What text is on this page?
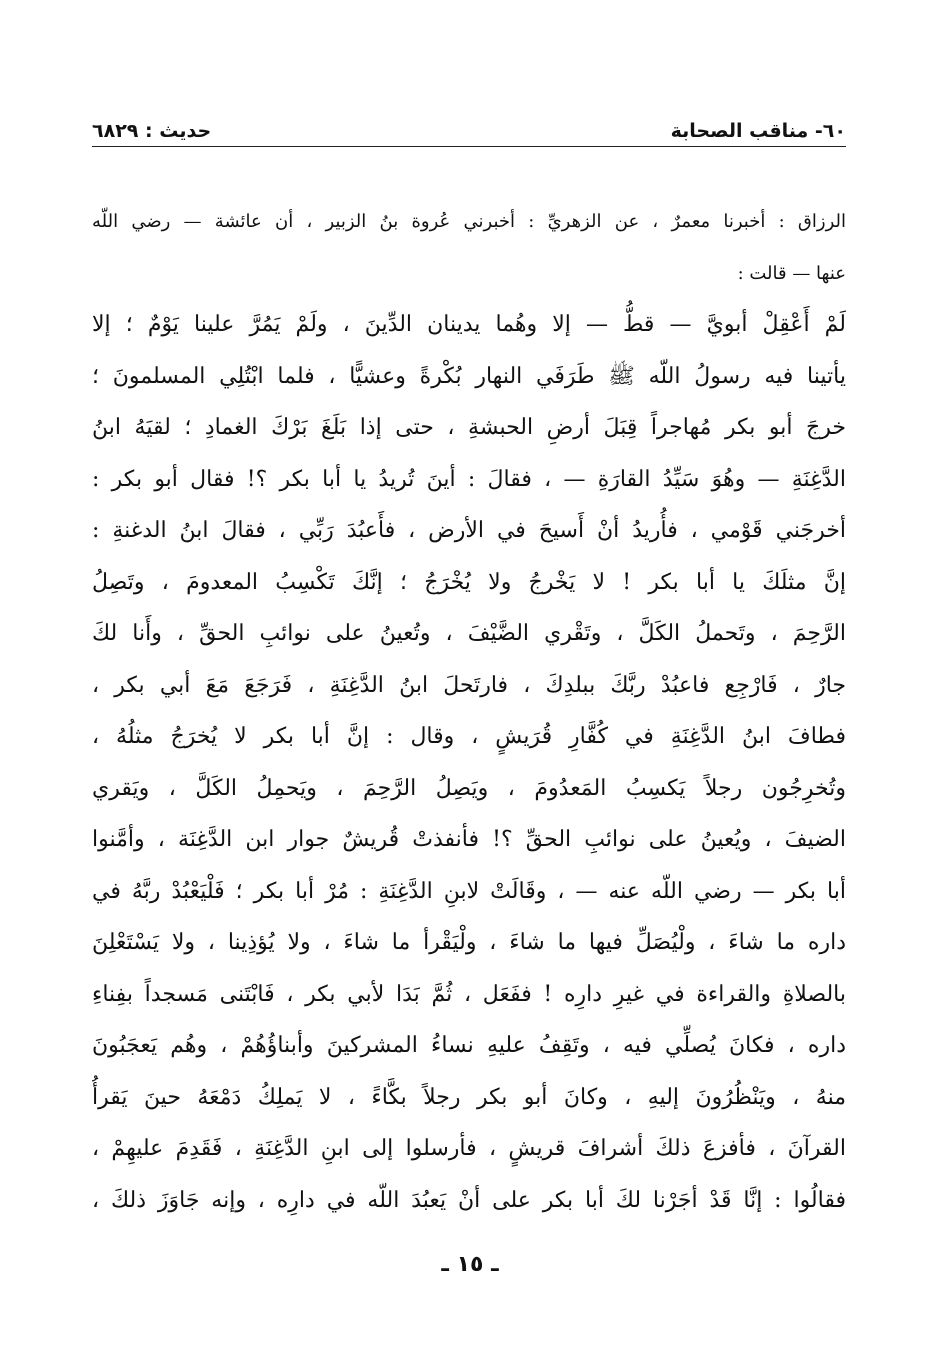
٦٠- مناقب الصحابة
حديث : ٦٨٢٩
الرزاق : أخبرنا معمرٌ ، عن الزهريِّ : أخبرني عُروة بنُ الزبير ، أن عائشة — رضي اللّه
عنها — قالت :
لَمْ أَعْقِلْ أبويَّ — قطُّ — إلا وهُما يدينان الدِّينَ ، ولَمْ يَمُرَّ علينا يَوْمٌ ؛ إلا
يأتينا فيه رسولُ اللّه ﷺ طَرَفَي النهار بُكْرةً وعشيًّا ، فلما ابْتُلِي المسلمونَ ؛
خرجَ أبو بكر مُهاجراً قِبَلَ أرضِ الحبشةِ ، حتى إذا بَلَغَ بَرْكَ الغمادِ ؛ لقيَهُ ابنُ
الدَّغِنَةِ — وهُوَ سَيِّدُ القارَةِ — ، فقالَ : أينَ تُريدُ يا أبا بكر ؟! فقال أبو بكر :
أخرجَني قَوْمي ، فأُريدُ أنْ أَسيحَ في الأرض ، فأَعبُدَ رَبِّي ، فقالَ ابنُ الدغنةِ :
إنَّ مثلَكَ يا أبا بكر ! لا يَخْرجُ ولا يُخْرَجُ ؛ إنَّكَ تَكْسِبُ المعدومَ ، وتَصِلُ
الرَّحِمَ ، وتَحملُ الكَلَّ ، وتَقْري الضَّيْفَ ، وتُعينُ على نوائبِ الحقِّ ، وأَنا لكَ
جارٌ ، فَارْجِع فاعبُدْ ربَّكَ ببلدِكَ ، فارتَحلَ ابنُ الدَّغِنَةِ ، فَرَجَعَ مَعَ أبي بكر ،
فطافَ ابنُ الدَّغِنَةِ في كُفَّارِ قُرَيشٍ ، وقال : إنَّ أبا بكر لا يُخرَجُ مثلُهُ ،
وتُخرِجُون رجلاً يَكسِبُ المَعدُومَ ، ويَصِلُ الرَّحِمَ ، ويَحمِلُ الكَلَّ ، ويَقري
الضيفَ ، ويُعينُ على نوائبِ الحقِّ ؟! فأنفذتْ قُريشٌ جوار ابن الدَّغِنَة ، وأمَّنوا
أبا بكر — رضي اللّه عنه — ، وقَالَتْ لابنِ الدَّغِنَةِ : مُرْ أبا بكر ؛ فَلْيَعْبُدْ ربَّهُ في
داره ما شاءَ ، ولْيُصَلِّ فيها ما شاءَ ، ولْيَقْرأ ما شاءَ ، ولا يُؤذِينا ، ولا يَسْتَعْلِنَ
بالصلاةِ والقراءة في غيرِ دارِه ! ففَعَل ، ثُمَّ بَدَا لأبي بكر ، فَابْتَنى مَسجداً بفِناءِ
داره ، فكانَ يُصلِّي فيه ، وتَقِفُ عليهِ نساءُ المشركينَ وأبناؤُهُمْ ، وهُم يَعجَبُونَ
منهُ ، ويَنْظُرُونَ إليهِ ، وكانَ أبو بكر رجلاً بكَّاءً ، لا يَملِكُ دَمْعَهُ حينَ يَقرأُ
القرآنَ ، فأفزعَ ذلكَ أشرافَ قريشٍ ، فأرسلوا إلى ابنِ الدَّغِنَةِ ، فَقَدِمَ عليهِمْ ،
فقالُوا : إنَّا قَدْ أجَرْنا لكَ أبا بكر على أنْ يَعبُدَ اللّه في دارِه ، وإنه جَاوَزَ ذلكَ ،
ـ ١٥ ـ
